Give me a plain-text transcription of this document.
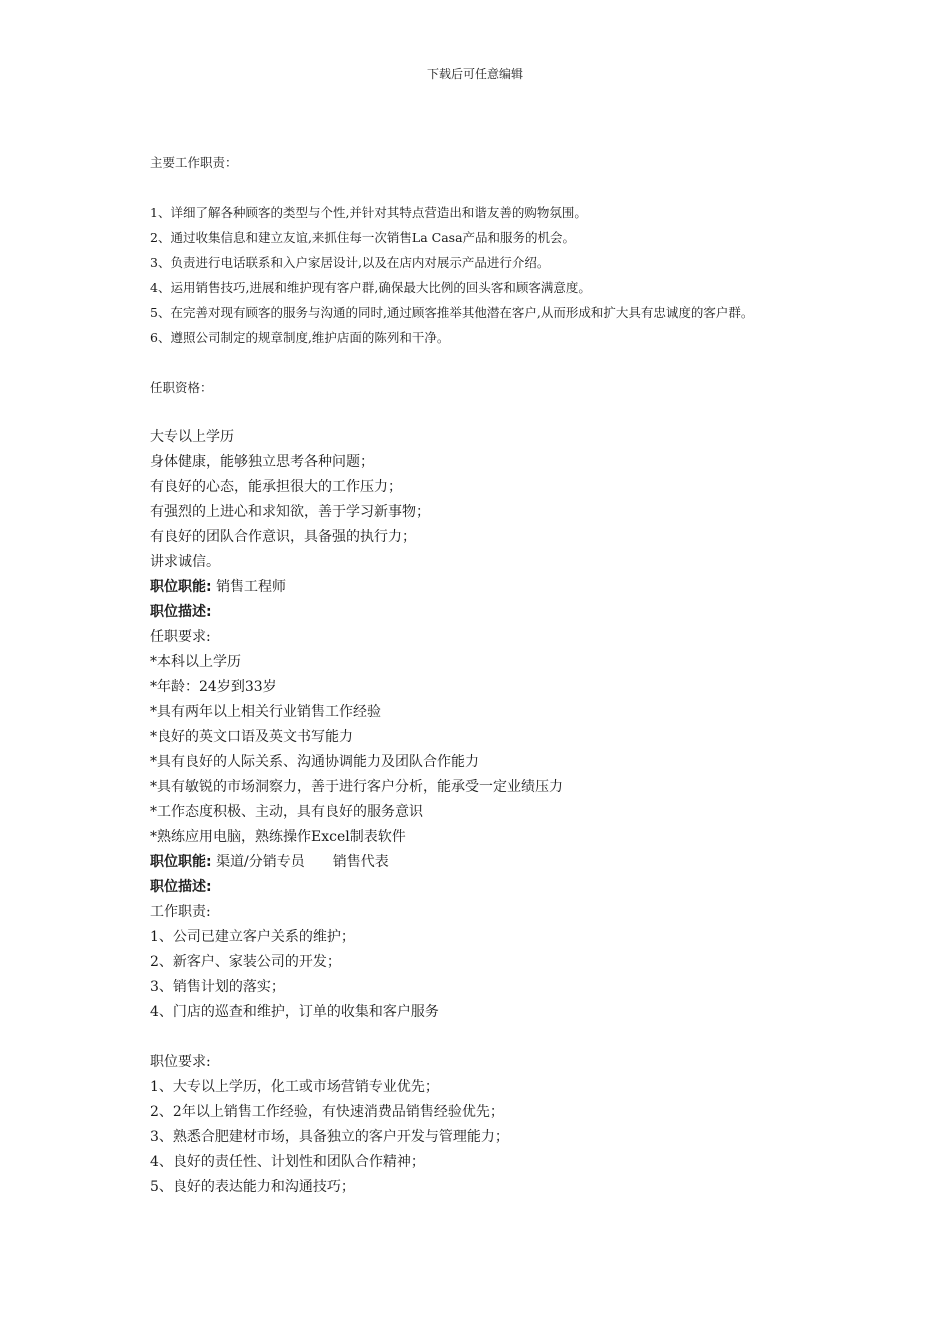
下载后可任意编辑
主要工作职责：
1、详细了解各种顾客的类型与个性,并针对其特点营造出和谐友善的购物氛围。
2、通过收集信息和建立友谊,来抓住每一次销售La Casa产品和服务的机会。
3、负责进行电话联系和入户家居设计,以及在店内对展示产品进行介绍。
4、运用销售技巧,进展和维护现有客户群,确保最大比例的回头客和顾客满意度。
5、在完善对现有顾客的服务与沟通的同时,通过顾客推举其他潜在客户,从而形成和扩大具有忠诚度的客户群。
6、遵照公司制定的规章制度,维护店面的陈列和干净。
任职资格：
大专以上学历
身体健康，能够独立思考各种问题；
有良好的心态，能承担很大的工作压力；
有强烈的上进心和求知欲，善于学习新事物；
有良好的团队合作意识，具备强的执行力；
讲求诚信。
职位职能: 销售工程师
职位描述:
任职要求:
*本科以上学历
*年龄：24岁到33岁
*具有两年以上相关行业销售工作经验
*良好的英文口语及英文书写能力
*具有良好的人际关系、沟通协调能力及团队合作能力
*具有敏锐的市场洞察力，善于进行客户分析，能承受一定业绩压力
*工作态度积极、主动，具有良好的服务意识
*熟练应用电脑，熟练操作Excel制表软件
职位职能: 渠道/分销专员 销售代表
职位描述:
工作职责:
1、公司已建立客户关系的维护；
2、新客户、家装公司的开发；
3、销售计划的落实；
4、门店的巡查和维护，订单的收集和客户服务
职位要求:
1、大专以上学历，化工或市场营销专业优先；
2、2年以上销售工作经验，有快速消费品销售经验优先；
3、熟悉合肥建材市场，具备独立的客户开发与管理能力；
4、良好的责任性、计划性和团队合作精神；
5、良好的表达能力和沟通技巧；
